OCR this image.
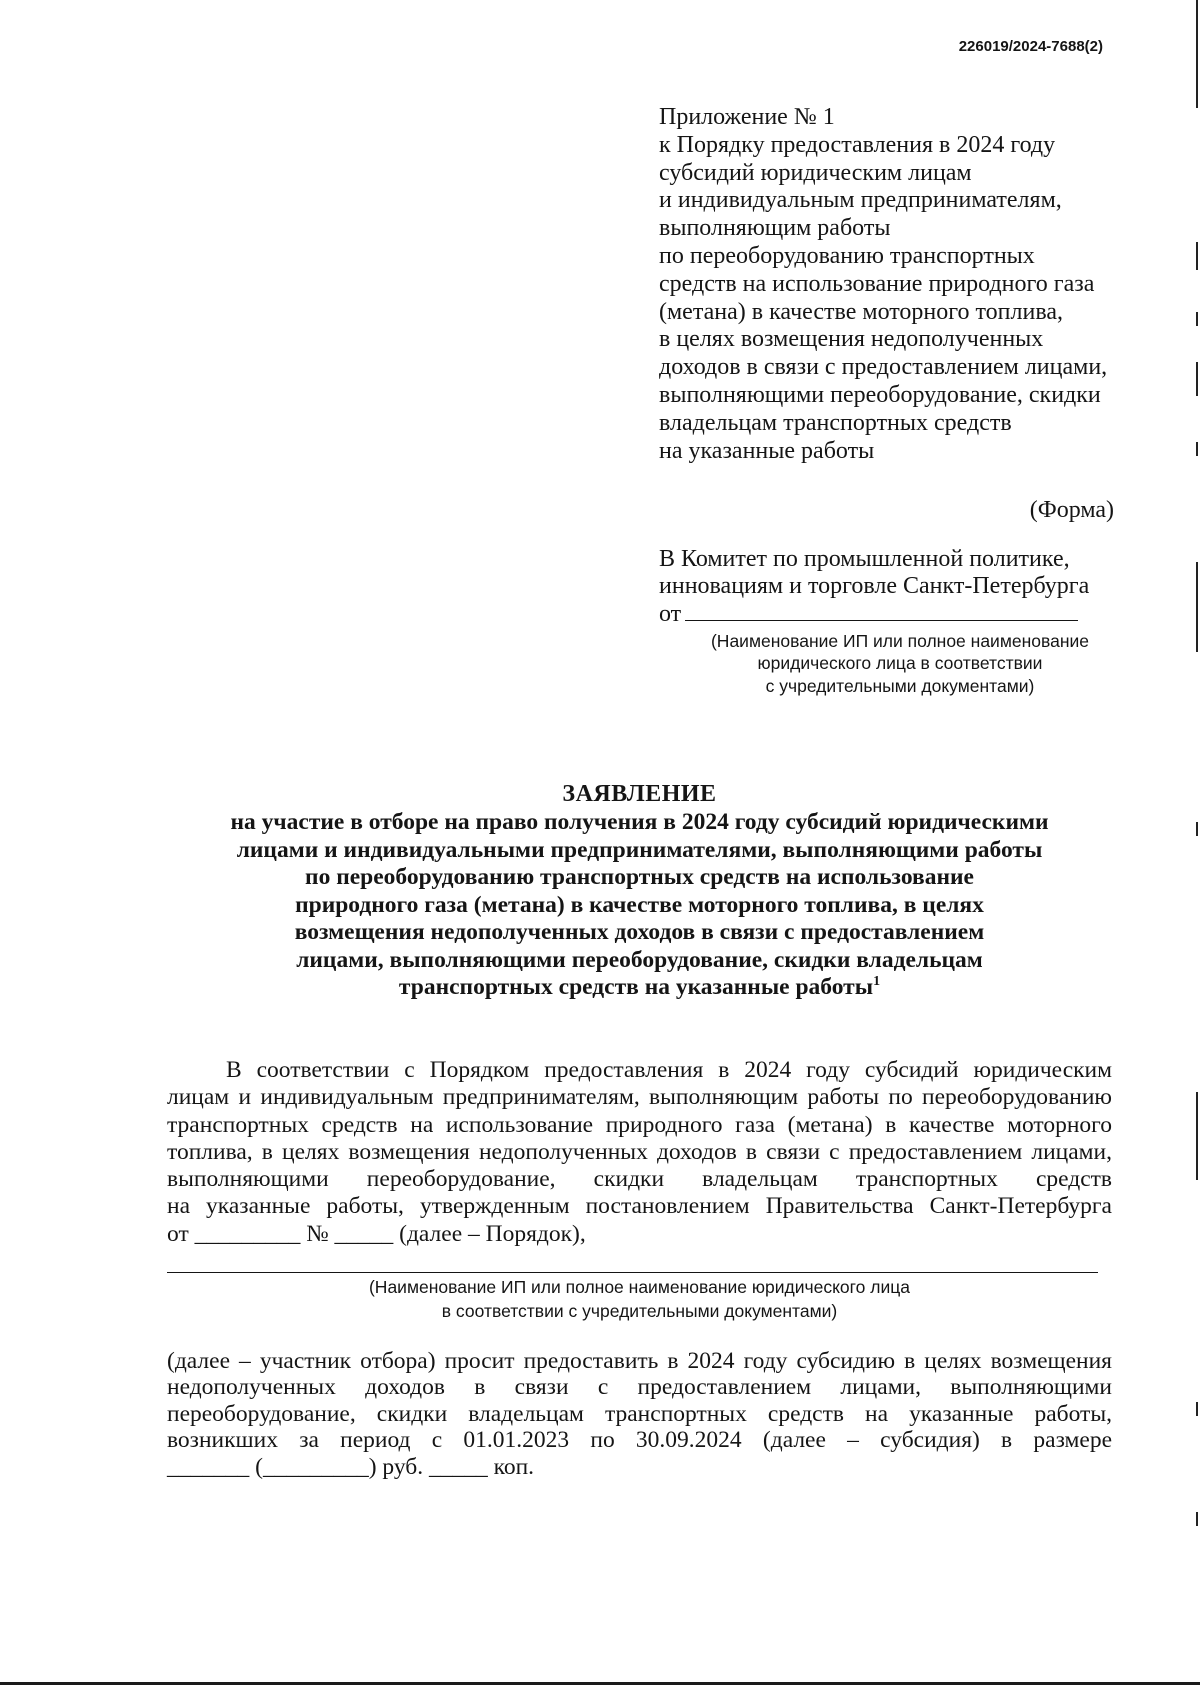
226019/2024-7688(2)
Приложение № 1
к Порядку предоставления в 2024 году
субсидий юридическим лицам
и индивидуальным предпринимателям,
выполняющим работы
по переоборудованию транспортных
средств на использование природного газа
(метана) в качестве моторного топлива,
в целях возмещения недополученных
доходов в связи с предоставлением лицами,
выполняющими переоборудование, скидки
владельцам транспортных средств
на указанные работы
(Форма)
В Комитет по промышленной политике,
инновациям и торговле Санкт-Петербурга
от
(Наименование ИП или полное наименование
юридического лица в соответствии
с учредительными документами)
ЗАЯВЛЕНИЕ
на участие в отборе на право получения в 2024 году субсидий юридическими
лицами и индивидуальными предпринимателями, выполняющими работы
по переоборудованию транспортных средств на использование
природного газа (метана) в качестве моторного топлива, в целях
возмещения недополученных доходов в связи с предоставлением
лицами, выполняющими переоборудование, скидки владельцам
транспортных средств на указанные работы$^1$
В соответствии с Порядком предоставления в 2024 году субсидий юридическим
лицам и индивидуальным предпринимателям, выполняющим работы по переоборудованию
транспортных средств на использование природного газа (метана) в качестве моторного
топлива, в целях возмещения недополученных доходов в связи с предоставлением лицами,
выполняющими переоборудование, скидки владельцам транспортных средств
на указанные работы, утвержденным постановлением Правительства Санкт-Петербурга
от _________ № _____ (далее – Порядок),
(Наименование ИП или полное наименование юридического лица
в соответствии с учредительными документами)
(далее – участник отбора) просит предоставить в 2024 году субсидию в целях возмещения
недополученных доходов в связи с предоставлением лицами, выполняющими
переоборудование, скидки владельцам транспортных средств на указанные работы,
возникших за период с 01.01.2023 по 30.09.2024 (далее – субсидия) в размере
_______ (_________) руб. _____ коп.
